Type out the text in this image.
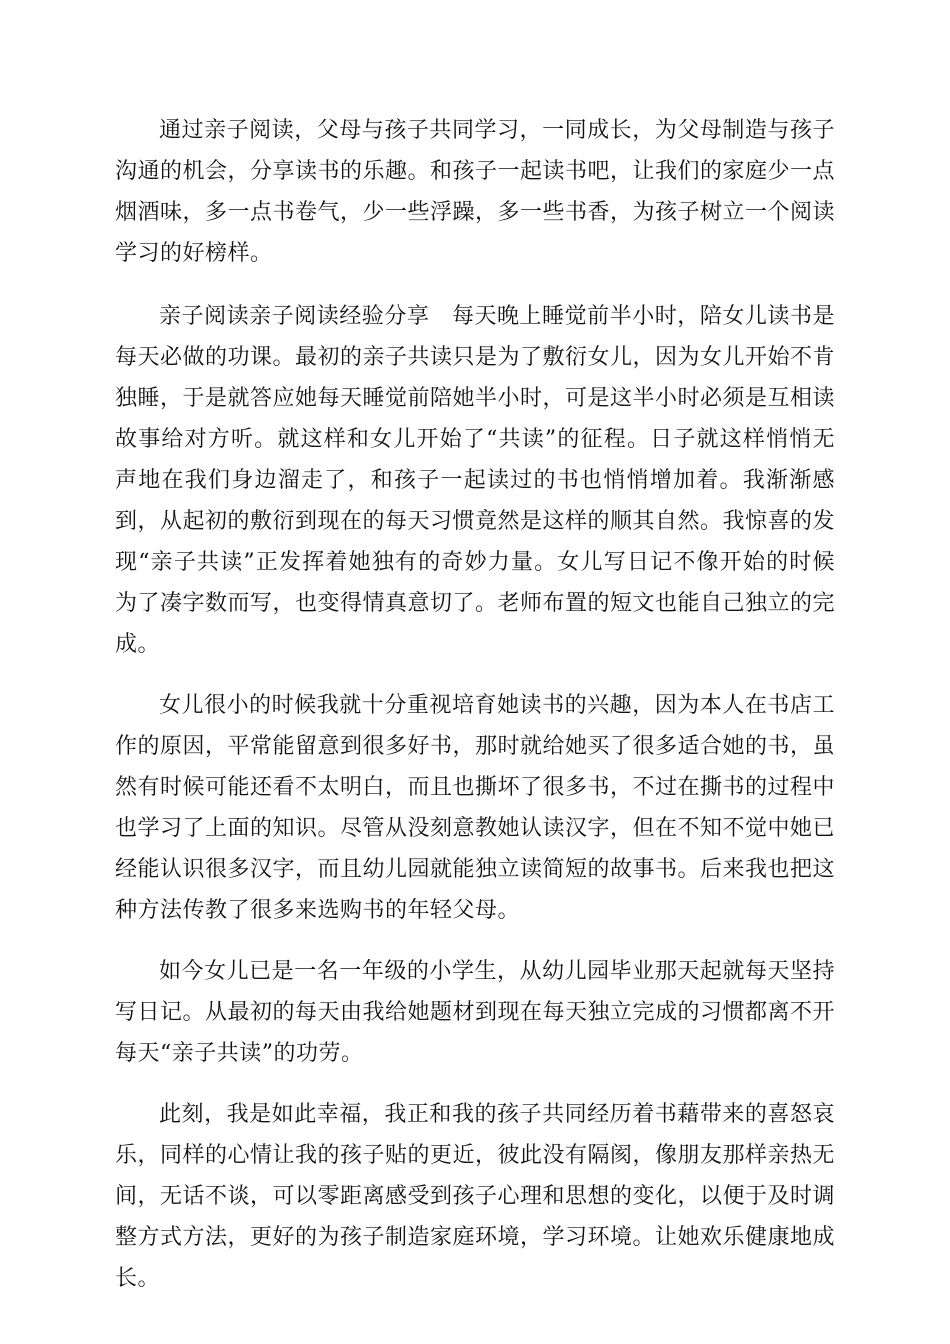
通过亲子阅读，父母与孩子共同学习，一同成长，为父母制造与孩子沟通的机会，分享读书的乐趣。和孩子一起读书吧，让我们的家庭少一点烟酒味，多一点书卷气，少一些浮躁，多一些书香，为孩子树立一个阅读学习的好榜样。

亲子阅读亲子阅读经验分享　每天晚上睡觉前半小时，陪女儿读书是每天必做的功课。最初的亲子共读只是为了敷衍女儿，因为女儿开始不肯独睡，于是就答应她每天睡觉前陪她半小时，可是这半小时必须是互相读故事给对方听。就这样和女儿开始了“共读”的征程。日子就这样悄悄无声地在我们身边溜走了，和孩子一起读过的书也悄悄增加着。我渐渐感到，从起初的敷衍到现在的每天习惯竟然是这样的顺其自然。我惊喜的发现“亲子共读”正发挥着她独有的奇妙力量。女儿写日记不像开始的时候为了凑字数而写，也变得情真意切了。老师布置的短文也能自己独立的完成。

女儿很小的时候我就十分重视培育她读书的兴趣，因为本人在书店工作的原因，平常能留意到很多好书，那时就给她买了很多适合她的书，虽然有时候可能还看不太明白，而且也撕坏了很多书，不过在撕书的过程中也学习了上面的知识。尽管从没刻意教她认读汉字，但在不知不觉中她已经能认识很多汉字，而且幼儿园就能独立读简短的故事书。后来我也把这种方法传教了很多来选购书的年轻父母。

如今女儿已是一名一年级的小学生，从幼儿园毕业那天起就每天坚持写日记。从最初的每天由我给她题材到现在每天独立完成的习惯都离不开每天“亲子共读”的功劳。

此刻，我是如此幸福，我正和我的孩子共同经历着书藉带来的喜怒哀乐，同样的心情让我的孩子贴的更近，彼此没有隔阂，像朋友那样亲热无间，无话不谈，可以零距离感受到孩子心理和思想的变化，以便于及时调整方式方法，更好的为孩子制造家庭环境，学习环境。让她欢乐健康地成长。
